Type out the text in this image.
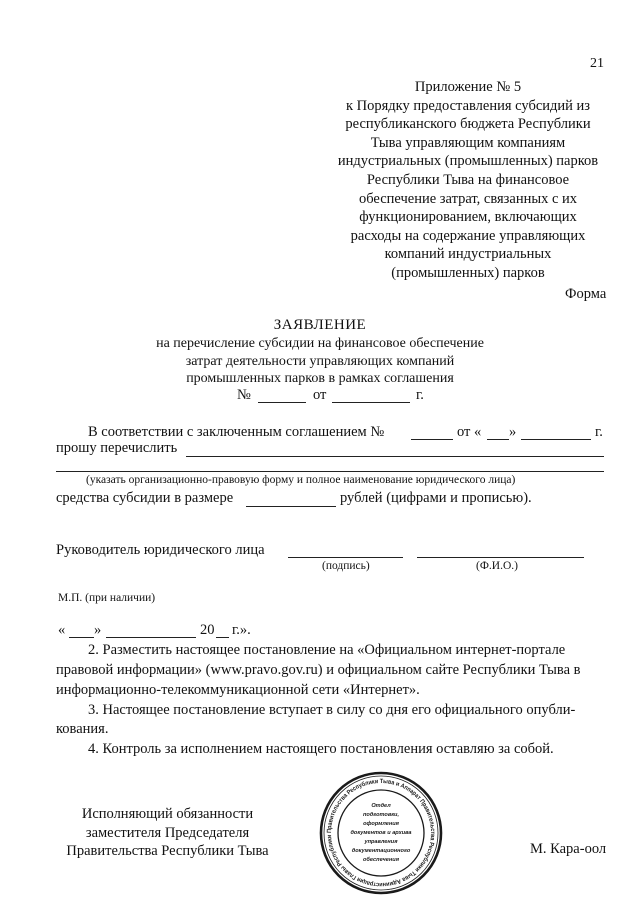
21
Приложение № 5
к Порядку предоставления субсидий из
республиканского бюджета Республики
Тыва управляющим компаниям
индустриальных (промышленных) парков
Республики Тыва на финансовое
обеспечение затрат, связанных с их
функционированием, включающих
расходы на содержание управляющих
компаний индустриальных
(промышленных) парков
Форма
ЗАЯВЛЕНИЕ
на перечисление субсидии на финансовое обеспечение
затрат деятельности управляющих компаний
промышленных парков в рамках соглашения
№	от	г.
В соответствии с заключенным соглашением №	от « »	г.
прошу перечислить
(указать организационно-правовую форму и полное наименование юридического лица)
средства субсидии в размере	рублей (цифрами и прописью).
Руководитель юридического лица
(подпись)	(Ф.И.О.)
М.П. (при наличии)
« »	20 г.».
2. Разместить настоящее постановление на «Официальном интернет-портале
правовой информации» (www.pravo.gov.ru) и официальном сайте Республики Тыва в
информационно-телекоммуникационной сети «Интернет».
3. Настоящее постановление вступает в силу со дня его официального опубли-
кования.
4. Контроль за исполнением настоящего постановления оставляю за собой.
Исполняющий обязанности
заместителя Председателя
Правительства Республики Тыва	М. Кара-оол
Правительства Республики Тыва и Аппарат Правительства Республики Тыва Администрация Главы Республики
Отдел
подготовки,
оформления
документов и архива
управления
документационного
обеспечения
